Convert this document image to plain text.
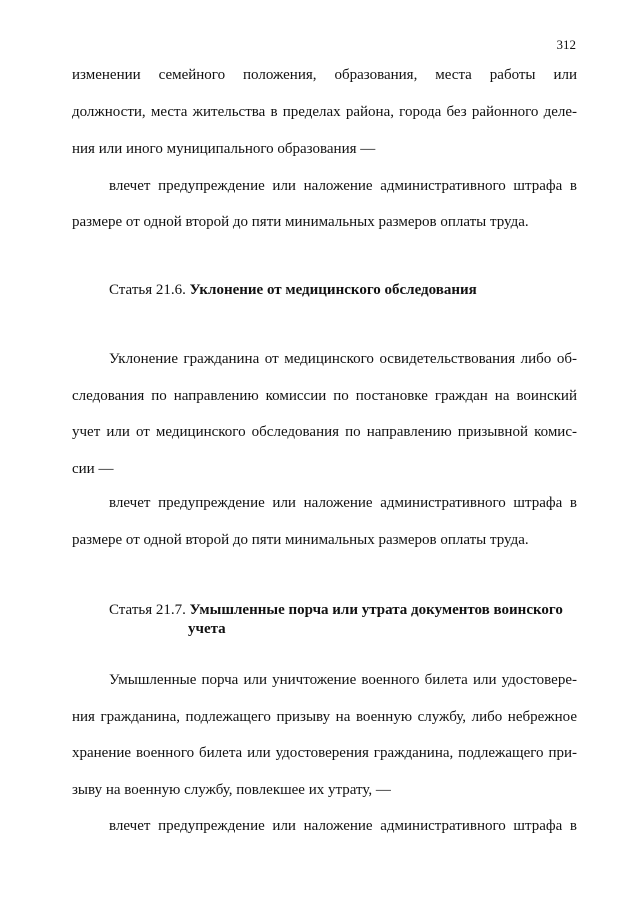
312
изменении семейного положения, образования, места работы или
должности, места жительства в пределах района, города без районного деле-
ния или иного муниципального образования —
влечет предупреждение или наложение административного штрафа в
размере от одной второй до пяти минимальных размеров оплаты труда.
Статья 21.6. Уклонение от медицинского обследования
Уклонение гражданина от медицинского освидетельствования либо об-
следования по направлению комиссии по постановке граждан на воинский
учет или от медицинского обследования по направлению призывной комис-
сии —
влечет предупреждение или наложение административного штрафа в
размере от одной второй до пяти минимальных размеров оплаты труда.
Статья 21.7. Умышленные порча или утрата документов воинского
учета
Умышленные порча или уничтожение военного билета или удостовере-
ния гражданина, подлежащего призыву на военную службу, либо небрежное
хранение военного билета или удостоверения гражданина, подлежащего при-
зыву на военную службу, повлекшее их утрату, —
влечет предупреждение или наложение административного штрафа в
